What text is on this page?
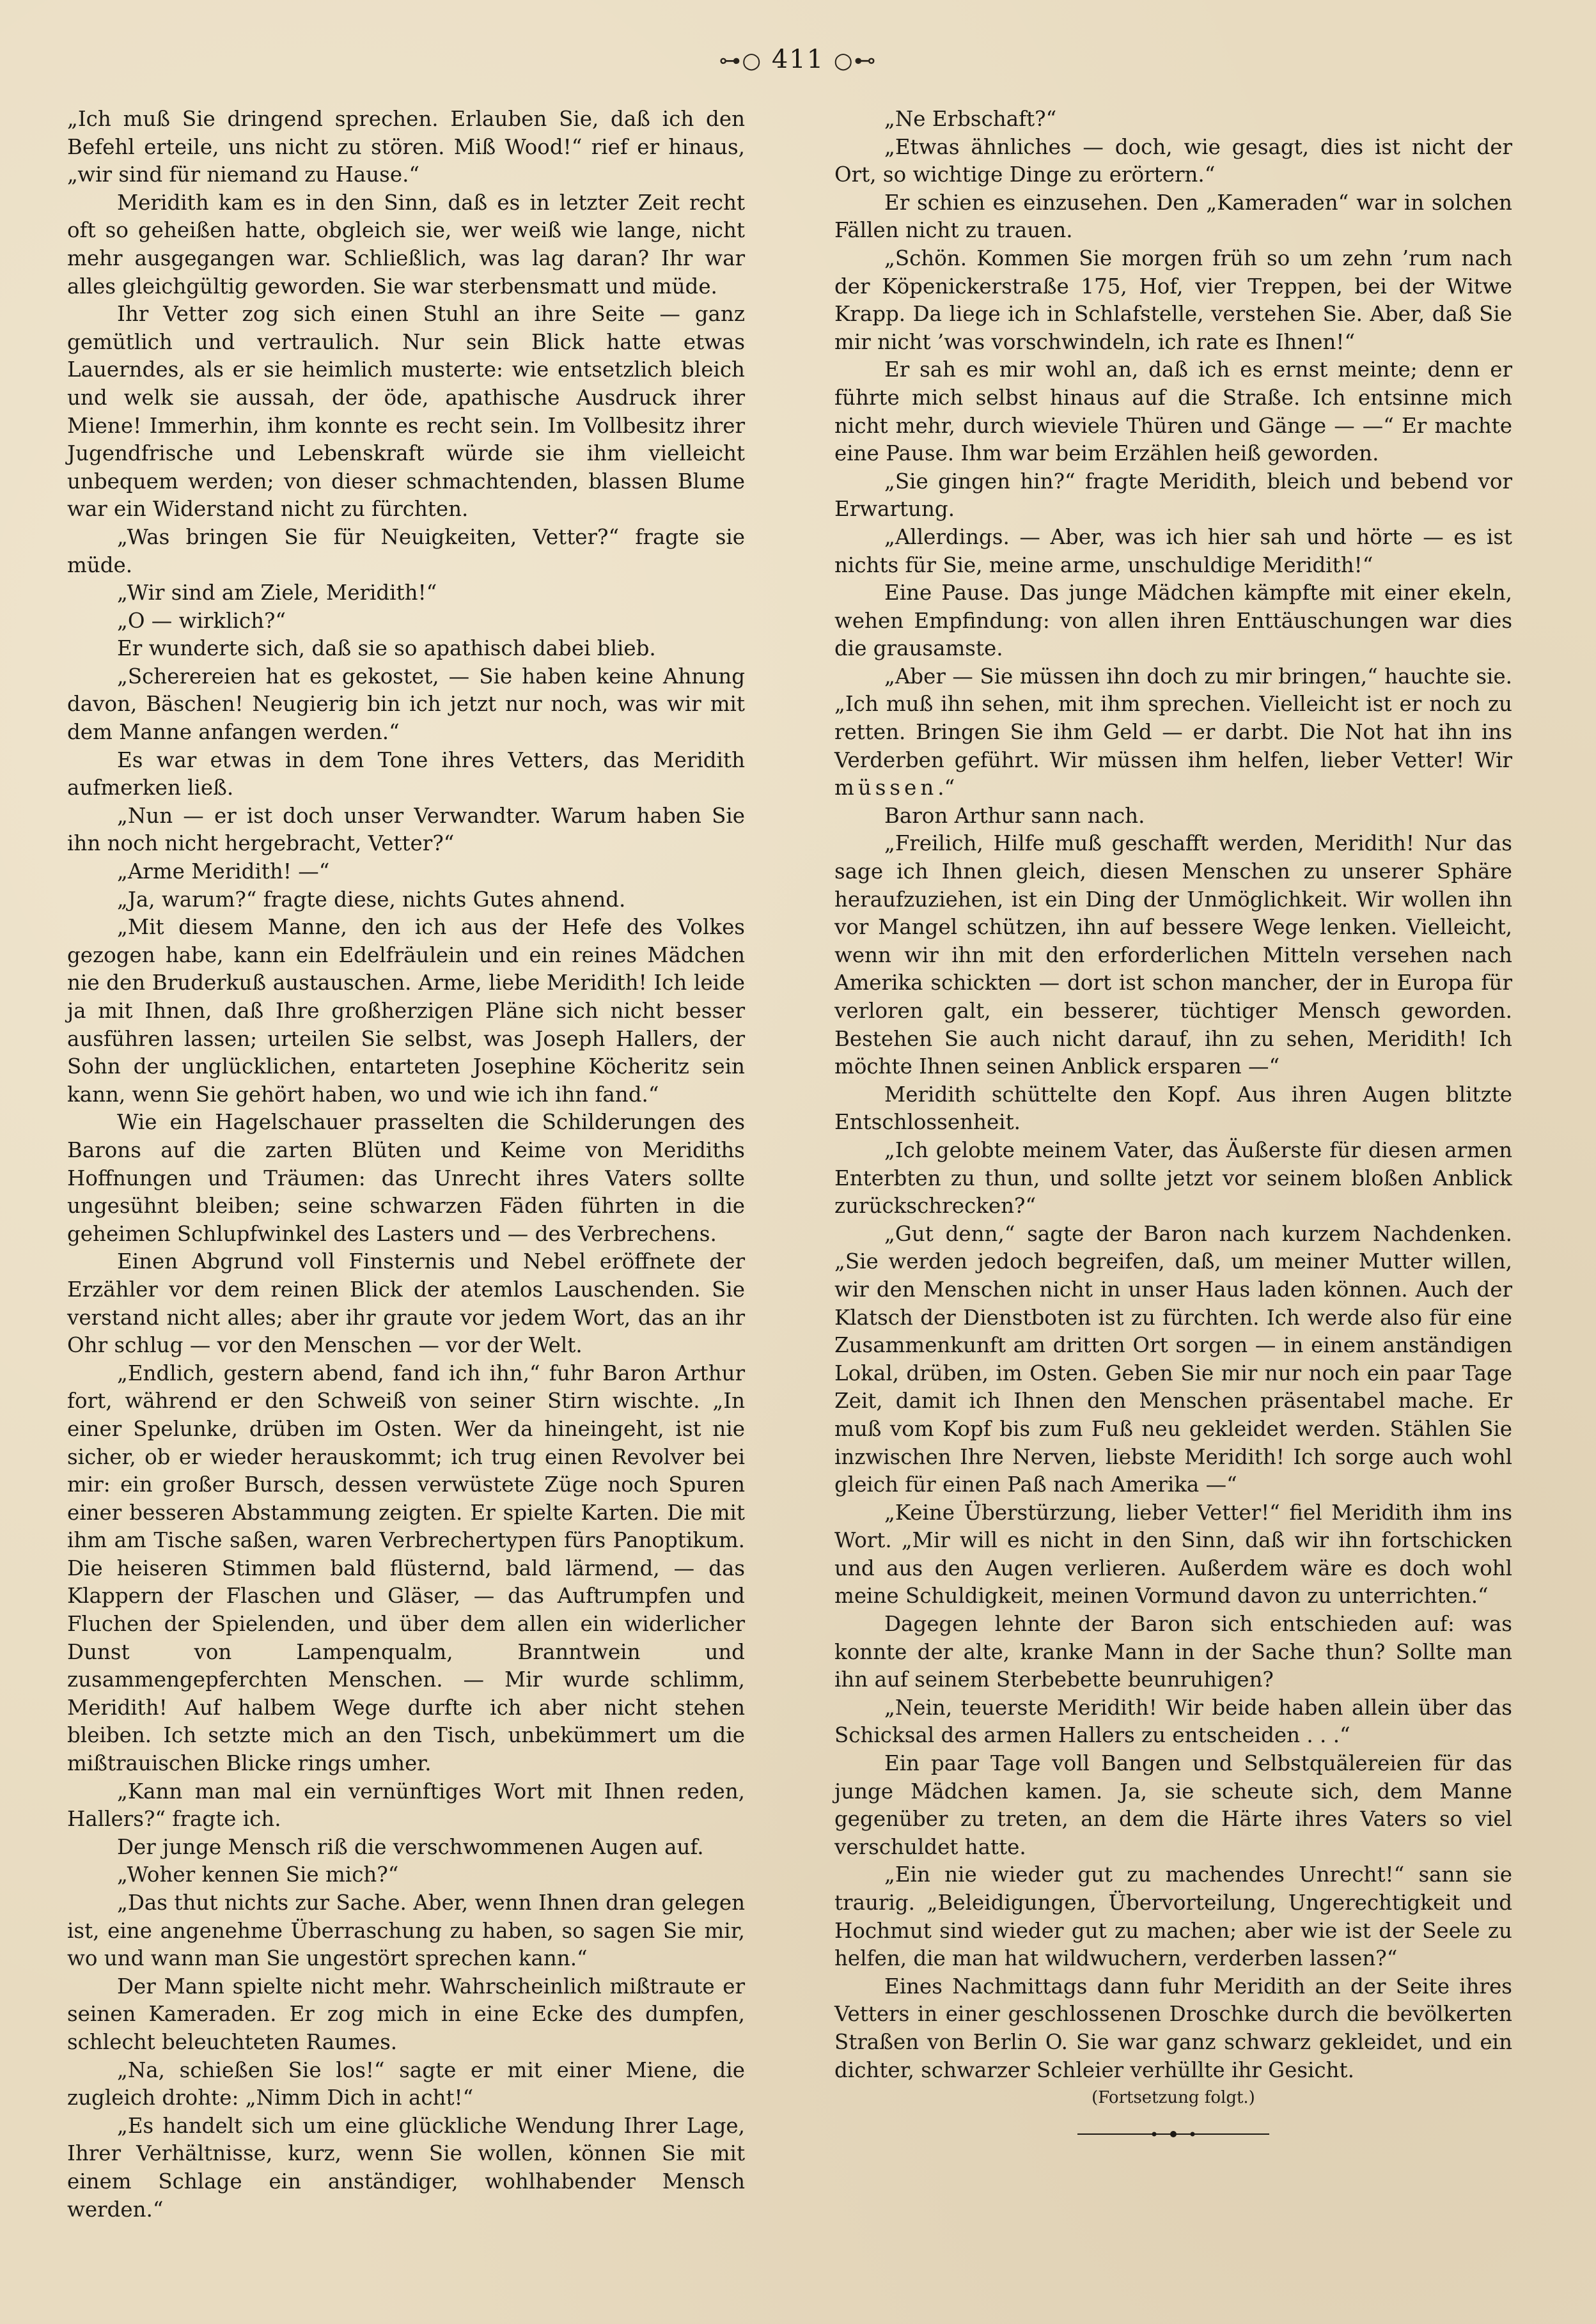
⊶○ 411 ○⊷

„Ich muß Sie dringend sprechen. Erlauben Sie, daß ich den Befehl erteile, uns nicht zu stören. Miß Wood!“ rief er hinaus, „wir sind für niemand zu Hause.“

Meridith kam es in den Sinn, daß es in letzter Zeit recht oft so geheißen hatte, obgleich sie, wer weiß wie lange, nicht mehr ausgegangen war. Schließlich, was lag daran? Ihr war alles gleichgültig geworden. Sie war sterbensmatt und müde.

Ihr Vetter zog sich einen Stuhl an ihre Seite — ganz gemütlich und vertraulich. Nur sein Blick hatte etwas Lauerndes, als er sie heimlich musterte: wie entsetzlich bleich und welk sie aussah, der öde, apathische Ausdruck ihrer Miene! Immerhin, ihm konnte es recht sein. Im Vollbesitz ihrer Jugendfrische und Lebenskraft würde sie ihm vielleicht unbequem werden; von dieser schmachtenden, blassen Blume war ein Widerstand nicht zu fürchten.

„Was bringen Sie für Neuigkeiten, Vetter?“ fragte sie müde.

„Wir sind am Ziele, Meridith!“

„O — wirklich?“

Er wunderte sich, daß sie so apathisch dabei blieb.

„Scherereien hat es gekostet, — Sie haben keine Ahnung davon, Bäschen! Neugierig bin ich jetzt nur noch, was wir mit dem Manne anfangen werden.“

Es war etwas in dem Tone ihres Vetters, das Meridith aufmerken ließ.

„Nun — er ist doch unser Verwandter. Warum haben Sie ihn noch nicht hergebracht, Vetter?“

„Arme Meridith! —“

„Ja, warum?“ fragte diese, nichts Gutes ahnend.

„Mit diesem Manne, den ich aus der Hefe des Volkes gezogen habe, kann ein Edelfräulein und ein reines Mädchen nie den Bruderkuß austauschen. Arme, liebe Meridith! Ich leide ja mit Ihnen, daß Ihre großherzigen Pläne sich nicht besser ausführen lassen; urteilen Sie selbst, was Joseph Hallers, der Sohn der unglücklichen, entarteten Josephine Köcheritz sein kann, wenn Sie gehört haben, wo und wie ich ihn fand.“

Wie ein Hagelschauer prasselten die Schilderungen des Barons auf die zarten Blüten und Keime von Meridiths Hoffnungen und Träumen: das Unrecht ihres Vaters sollte ungesühnt bleiben; seine schwarzen Fäden führten in die geheimen Schlupfwinkel des Lasters und — des Verbrechens.

Einen Abgrund voll Finsternis und Nebel eröffnete der Erzähler vor dem reinen Blick der atemlos Lauschenden. Sie verstand nicht alles; aber ihr graute vor jedem Wort, das an ihr Ohr schlug — vor den Menschen — vor der Welt.

„Endlich, gestern abend, fand ich ihn,“ fuhr Baron Arthur fort, während er den Schweiß von seiner Stirn wischte. „In einer Spelunke, drüben im Osten. Wer da hineingeht, ist nie sicher, ob er wieder herauskommt; ich trug einen Revolver bei mir: ein großer Bursch, dessen verwüstete Züge noch Spuren einer besseren Abstammung zeigten. Er spielte Karten. Die mit ihm am Tische saßen, waren Verbrechertypen fürs Panoptikum. Die heiseren Stimmen bald flüsternd, bald lärmend, — das Klappern der Flaschen und Gläser, — das Auftrumpfen und Fluchen der Spielenden, und über dem allen ein widerlicher Dunst von Lampenqualm, Branntwein und zusammengepferchten Menschen. — Mir wurde schlimm, Meridith! Auf halbem Wege durfte ich aber nicht stehen bleiben. Ich setzte mich an den Tisch, unbekümmert um die mißtrauischen Blicke rings umher.

„Kann man mal ein vernünftiges Wort mit Ihnen reden, Hallers?“ fragte ich.

Der junge Mensch riß die verschwommenen Augen auf.

„Woher kennen Sie mich?“

„Das thut nichts zur Sache. Aber, wenn Ihnen dran gelegen ist, eine angenehme Überraschung zu haben, so sagen Sie mir, wo und wann man Sie ungestört sprechen kann.“

Der Mann spielte nicht mehr. Wahrscheinlich mißtraute er seinen Kameraden. Er zog mich in eine Ecke des dumpfen, schlecht beleuchteten Raumes.

„Na, schießen Sie los!“ sagte er mit einer Miene, die zugleich drohte: „Nimm Dich in acht!“

„Es handelt sich um eine glückliche Wendung Ihrer Lage, Ihrer Verhältnisse, kurz, wenn Sie wollen, können Sie mit einem Schlage ein anständiger, wohlhabender Mensch werden.“

„Ne Erbschaft?“

„Etwas ähnliches — doch, wie gesagt, dies ist nicht der Ort, so wichtige Dinge zu erörtern.“

Er schien es einzusehen. Den „Kameraden“ war in solchen Fällen nicht zu trauen.

„Schön. Kommen Sie morgen früh so um zehn ’rum nach der Köpenickerstraße 175, Hof, vier Treppen, bei der Witwe Krapp. Da liege ich in Schlafstelle, verstehen Sie. Aber, daß Sie mir nicht ’was vorschwindeln, ich rate es Ihnen!“

Er sah es mir wohl an, daß ich es ernst meinte; denn er führte mich selbst hinaus auf die Straße. Ich entsinne mich nicht mehr, durch wieviele Thüren und Gänge — —“ Er machte eine Pause. Ihm war beim Erzählen heiß geworden.

„Sie gingen hin?“ fragte Meridith, bleich und bebend vor Erwartung.

„Allerdings. — Aber, was ich hier sah und hörte — es ist nichts für Sie, meine arme, unschuldige Meridith!“

Eine Pause. Das junge Mädchen kämpfte mit einer ekeln, wehen Empfindung: von allen ihren Enttäuschungen war dies die grausamste.

„Aber — Sie müssen ihn doch zu mir bringen,“ hauchte sie. „Ich muß ihn sehen, mit ihm sprechen. Vielleicht ist er noch zu retten. Bringen Sie ihm Geld — er darbt. Die Not hat ihn ins Verderben geführt. Wir müssen ihm helfen, lieber Vetter! Wir müssen.“

Baron Arthur sann nach.

„Freilich, Hilfe muß geschafft werden, Meridith! Nur das sage ich Ihnen gleich, diesen Menschen zu unserer Sphäre heraufzuziehen, ist ein Ding der Unmöglichkeit. Wir wollen ihn vor Mangel schützen, ihn auf bessere Wege lenken. Vielleicht, wenn wir ihn mit den erforderlichen Mitteln versehen nach Amerika schickten — dort ist schon mancher, der in Europa für verloren galt, ein besserer, tüchtiger Mensch geworden. Bestehen Sie auch nicht darauf, ihn zu sehen, Meridith! Ich möchte Ihnen seinen Anblick ersparen —“

Meridith schüttelte den Kopf. Aus ihren Augen blitzte Entschlossenheit.

„Ich gelobte meinem Vater, das Äußerste für diesen armen Enterbten zu thun, und sollte jetzt vor seinem bloßen Anblick zurückschrecken?“

„Gut denn,“ sagte der Baron nach kurzem Nachdenken. „Sie werden jedoch begreifen, daß, um meiner Mutter willen, wir den Menschen nicht in unser Haus laden können. Auch der Klatsch der Dienstboten ist zu fürchten. Ich werde also für eine Zusammenkunft am dritten Ort sorgen — in einem anständigen Lokal, drüben, im Osten. Geben Sie mir nur noch ein paar Tage Zeit, damit ich Ihnen den Menschen präsentabel mache. Er muß vom Kopf bis zum Fuß neu gekleidet werden. Stählen Sie inzwischen Ihre Nerven, liebste Meridith! Ich sorge auch wohl gleich für einen Paß nach Amerika —“

„Keine Überstürzung, lieber Vetter!“ fiel Meridith ihm ins Wort. „Mir will es nicht in den Sinn, daß wir ihn fortschicken und aus den Augen verlieren. Außerdem wäre es doch wohl meine Schuldigkeit, meinen Vormund davon zu unterrichten.“

Dagegen lehnte der Baron sich entschieden auf: was konnte der alte, kranke Mann in der Sache thun? Sollte man ihn auf seinem Sterbebette beunruhigen?

„Nein, teuerste Meridith! Wir beide haben allein über das Schicksal des armen Hallers zu entscheiden . . .“

Ein paar Tage voll Bangen und Selbstquälereien für das junge Mädchen kamen. Ja, sie scheute sich, dem Manne gegenüber zu treten, an dem die Härte ihres Vaters so viel verschuldet hatte.

„Ein nie wieder gut zu machendes Unrecht!“ sann sie traurig. „Beleidigungen, Übervorteilung, Ungerechtigkeit und Hochmut sind wieder gut zu machen; aber wie ist der Seele zu helfen, die man hat wildwuchern, verderben lassen?“

Eines Nachmittags dann fuhr Meridith an der Seite ihres Vetters in einer geschlossenen Droschke durch die bevölkerten Straßen von Berlin O. Sie war ganz schwarz gekleidet, und ein dichter, schwarzer Schleier verhüllte ihr Gesicht.

(Fortsetzung folgt.)
